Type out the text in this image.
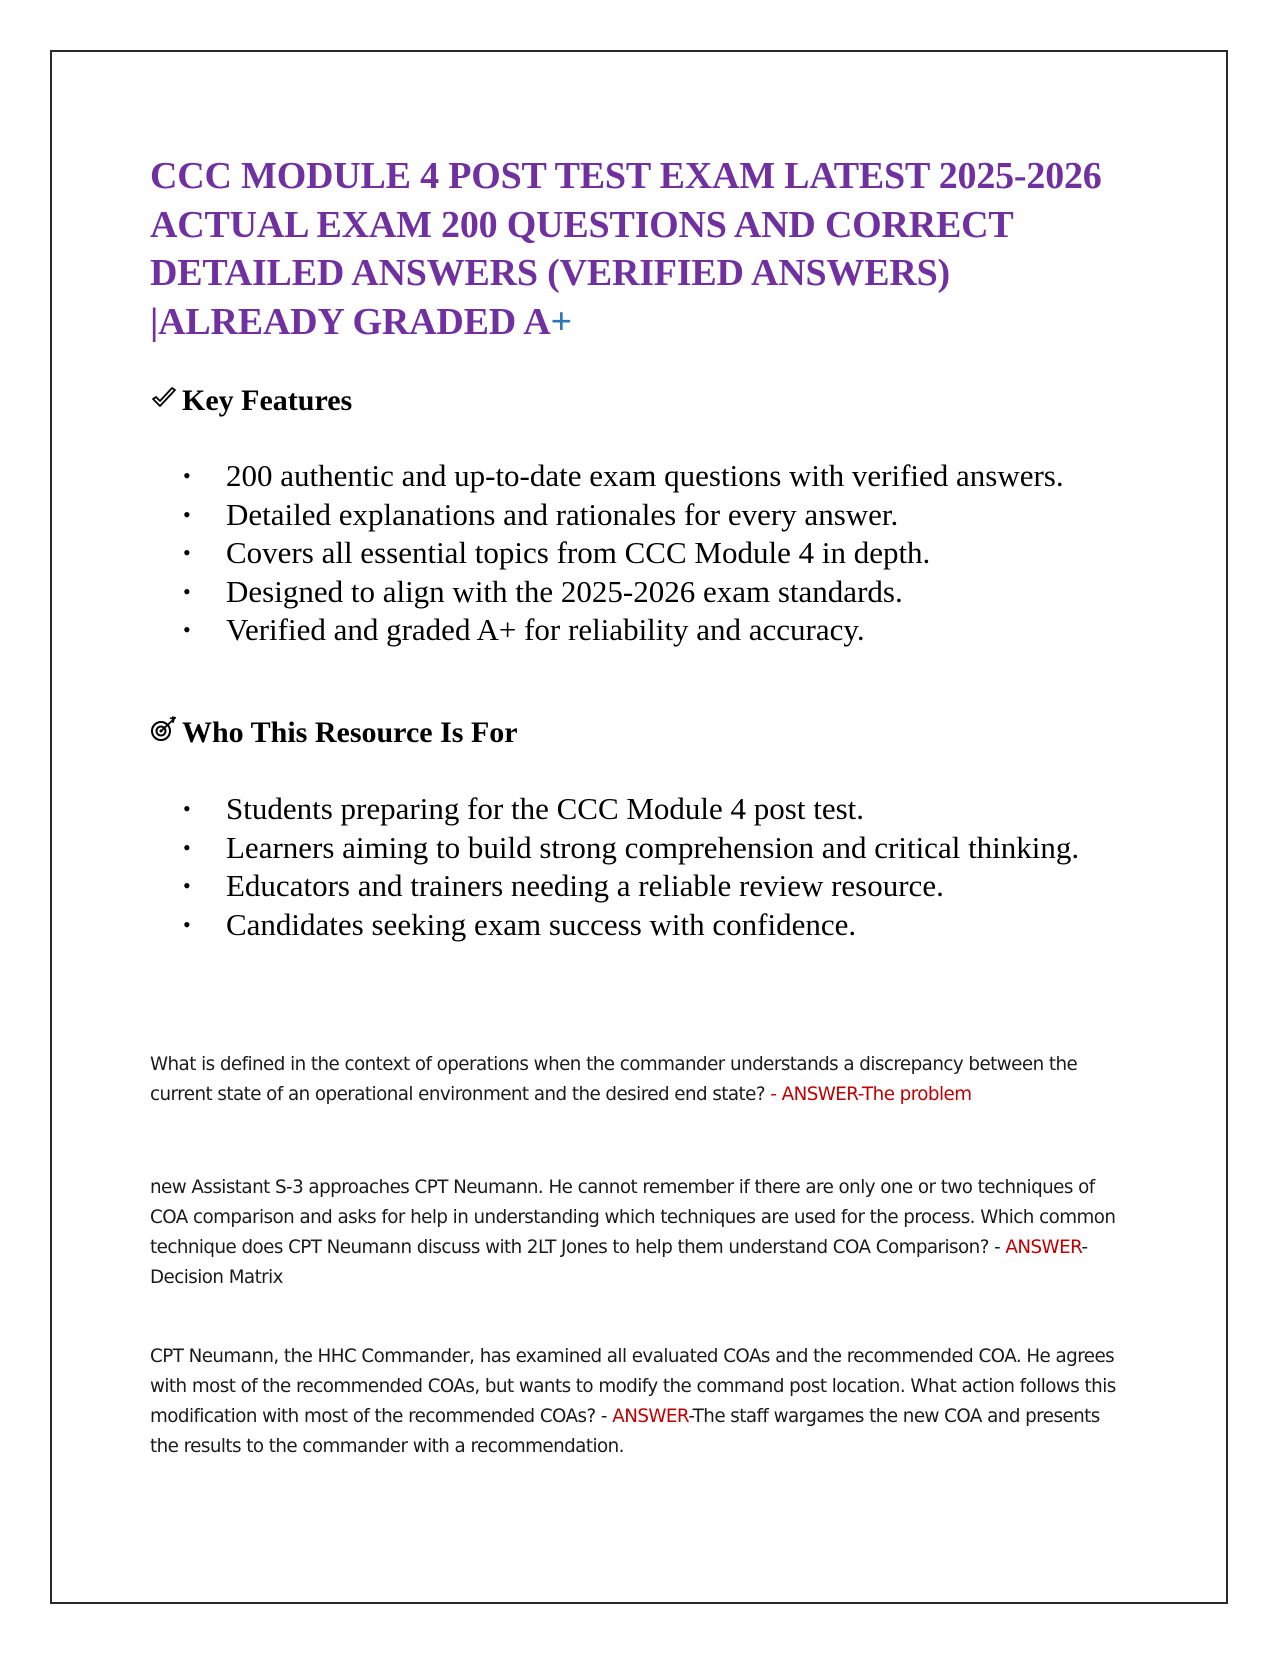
CCC MODULE 4 POST TEST EXAM LATEST 2025-2026
ACTUAL EXAM 200 QUESTIONS AND CORRECT
DETAILED ANSWERS (VERIFIED ANSWERS)
|ALREADY GRADED A+
Key Features
• 200 authentic and up-to-date exam questions with verified answers.
• Detailed explanations and rationales for every answer.
• Covers all essential topics from CCC Module 4 in depth.
• Designed to align with the 2025-2026 exam standards.
• Verified and graded A+ for reliability and accuracy.
Who This Resource Is For
• Students preparing for the CCC Module 4 post test.
• Learners aiming to build strong comprehension and critical thinking.
• Educators and trainers needing a reliable review resource.
• Candidates seeking exam success with confidence.
What is defined in the context of operations when the commander understands a discrepancy between the current state of an operational environment and the desired end state? - ANSWER-The problem
new Assistant S-3 approaches CPT Neumann. He cannot remember if there are only one or two techniques of COA comparison and asks for help in understanding which techniques are used for the process. Which common technique does CPT Neumann discuss with 2LT Jones to help them understand COA Comparison? - ANSWER-Decision Matrix
CPT Neumann, the HHC Commander, has examined all evaluated COAs and the recommended COA. He agrees with most of the recommended COAs, but wants to modify the command post location. What action follows this modification with most of the recommended COAs? - ANSWER-The staff wargames the new COA and presents the results to the commander with a recommendation.
